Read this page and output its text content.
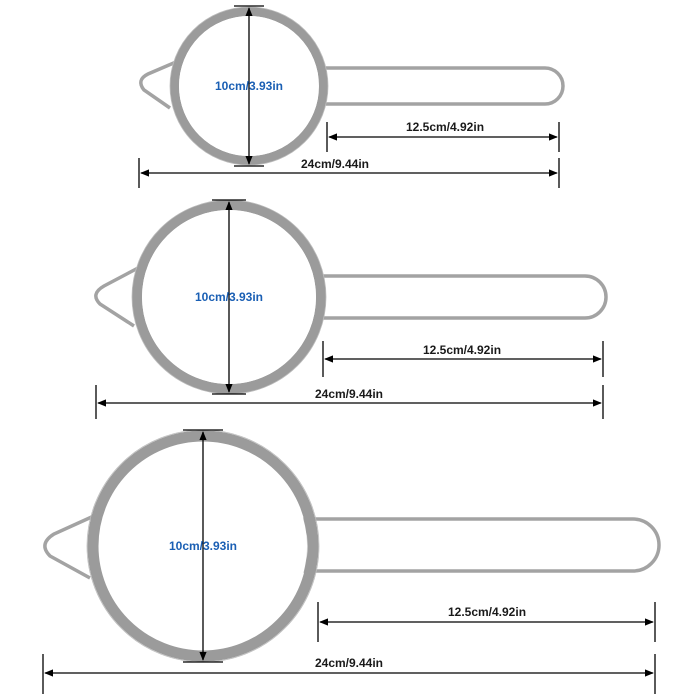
10cm/3.93in
12.5cm/4.92in
24cm/9.44in
10cm/3.93in
12.5cm/4.92in
24cm/9.44in
10cm/3.93in
12.5cm/4.92in
24cm/9.44in
